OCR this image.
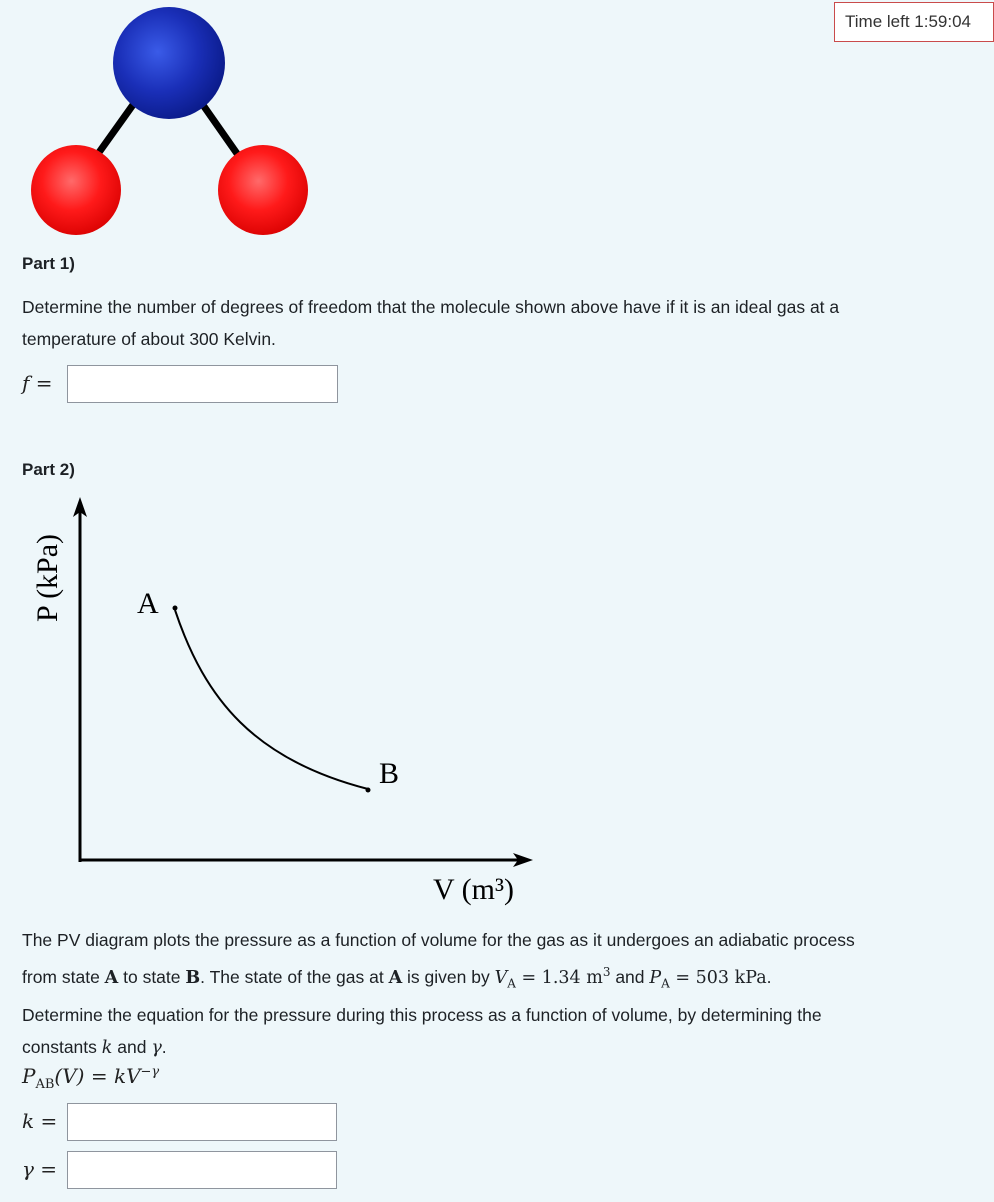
Time left 1:59:04
Part 1)
Determine the number of degrees of freedom that the molecule shown above have if it is an ideal gas at a
temperature of about 300 Kelvin.
f =
Part 2)
A
B
P (kPa)
V (m³)
The PV diagram plots the pressure as a function of volume for the gas as it undergoes an adiabatic process
from state A to state B. The state of the gas at A is given by $V_A = 1.34$ $m^3$ and $P_A = 503$ kPa.
Determine the equation for the pressure during this process as a function of volume, by determining the
constants k and γ.
$P_{AB}(V) = kV^{-\gamma}$
k =
γ =
